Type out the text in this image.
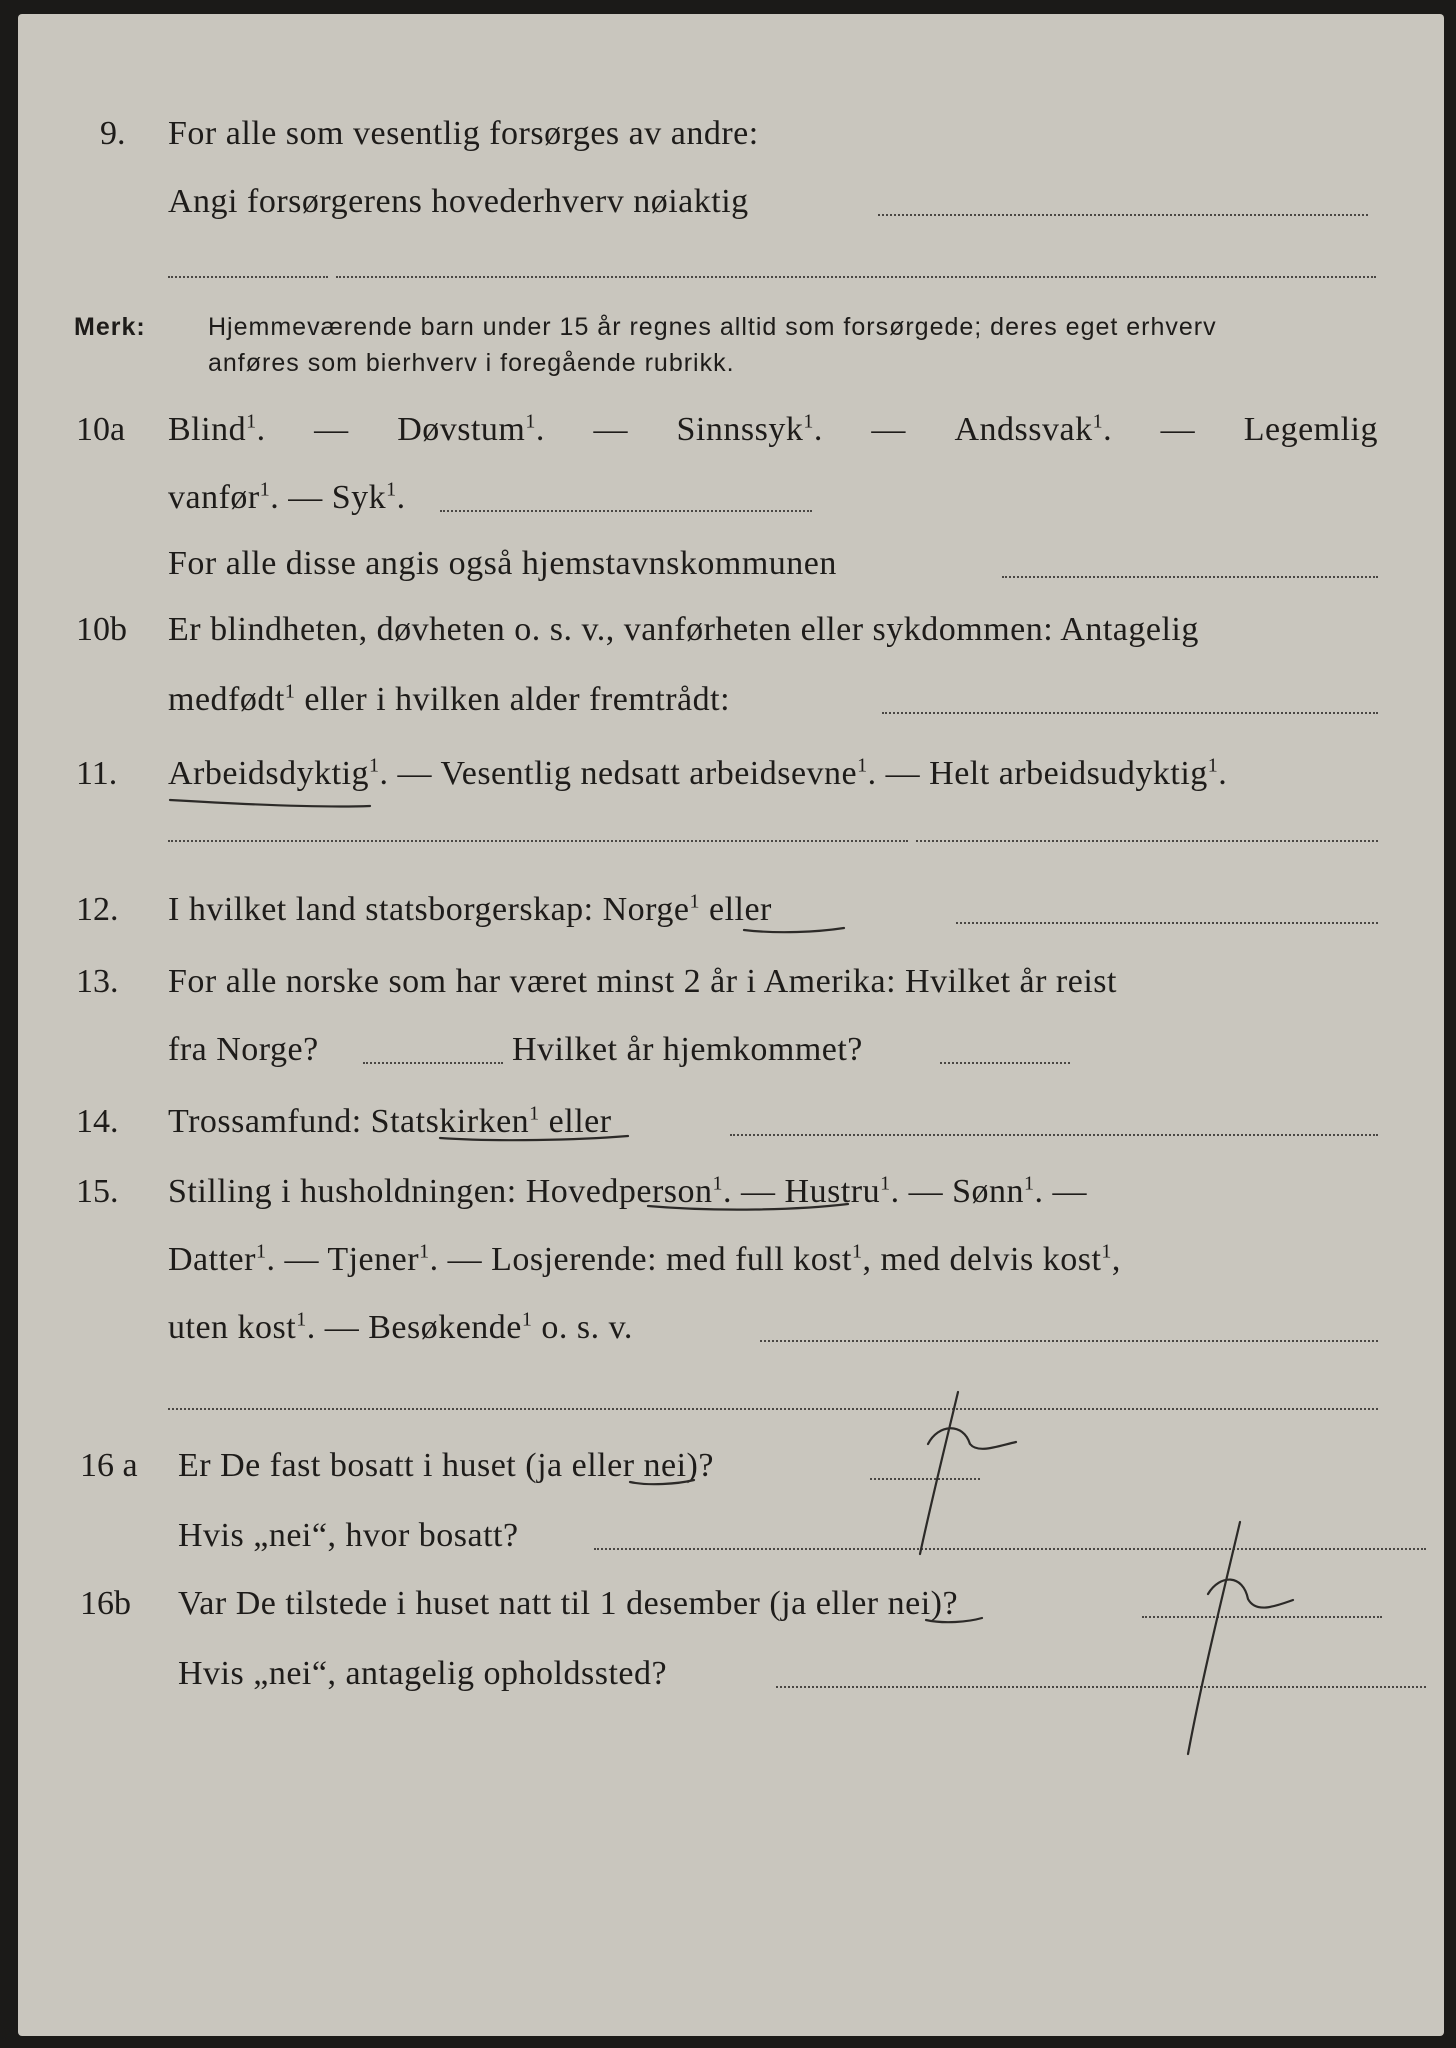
9. For alle som vesentlig forsørges av andre:
Angi forsørgerens hovederhverv nøiaktig
Merk: Hjemmeværende barn under 15 år regnes alltid som forsørgede; deres eget erhverv
anføres som bierhverv i foregående rubrikk.
10a Blind$^1$. — Døvstum$^1$. — Sinnssyk$^1$. — Andssvak$^1$. — Legemlig
vanfør$^1$. — Syk$^1$.
For alle disse angis også hjemstavnskommunen
10b Er blindheten, døvheten o. s. v., vanførheten eller sykdommen: Antagelig
medfødt$^1$ eller i hvilken alder fremtrådt:
11. Arbeidsdyktig$^1$. — Vesentlig nedsatt arbeidsevne$^1$. — Helt arbeidsudyktig$^1$.
12. I hvilket land statsborgerskap: Norge$^1$ eller
13. For alle norske som har været minst 2 år i Amerika: Hvilket år reist
fra Norge?	Hvilket år hjemkommet?
14. Trossamfund: Statskirken$^1$ eller
15. Stilling i husholdningen: Hovedperson$^1$. — Hustru$^1$. — Sønn$^1$. —
Datter$^1$. — Tjener$^1$. — Losjerende: med full kost$^1$, med delvis kost$^1$,
uten kost$^1$. — Besøkende$^1$ o. s. v.
16 a Er De fast bosatt i huset (ja eller nei)?
Hvis „nei“, hvor bosatt?
16b Var De tilstede i huset natt til 1 desember (ja eller nei)?
Hvis „nei“, antagelig opholdssted?
